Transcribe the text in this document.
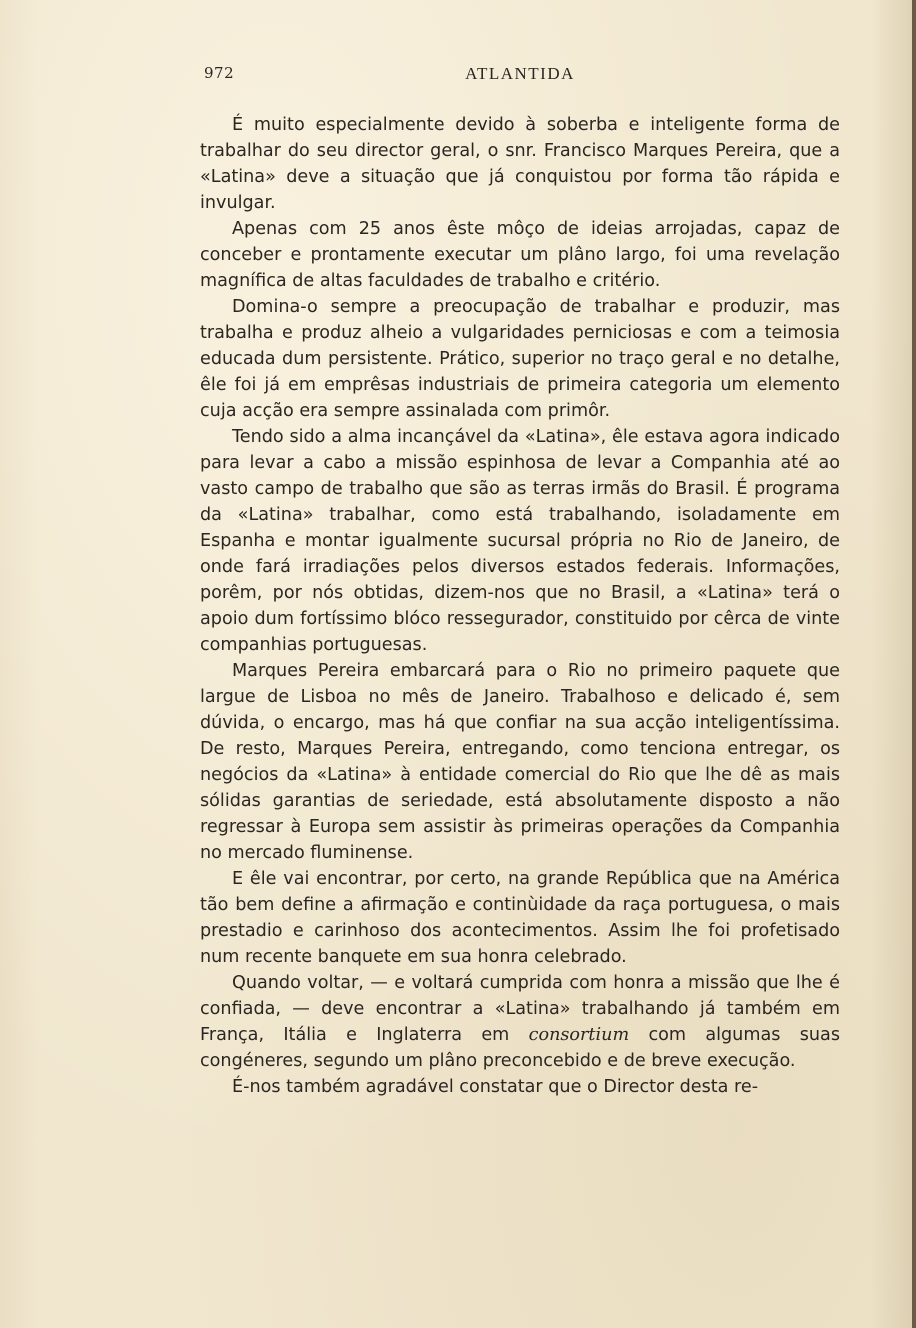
972	ATLANTIDA

É muito especialmente devido à soberba e inteligente forma de trabalhar do seu director geral, o snr. Francisco Marques Pereira, que a «Latina» deve a situação que já conquistou por forma tão rápida e invulgar.

Apenas com 25 anos êste môço de ideias arrojadas, capaz de conceber e prontamente executar um plâno largo, foi uma revelação magnífica de altas faculdades de trabalho e critério.

Domina-o sempre a preocupação de trabalhar e produzir, mas trabalha e produz alheio a vulgaridades perniciosas e com a teimosia educada dum persistente. Prático, superior no traço geral e no detalhe, êle foi já em emprêsas industriais de primeira categoria um elemento cuja acção era sempre assinalada com primôr.

Tendo sido a alma incançável da «Latina», êle estava agora indicado para levar a cabo a missão espinhosa de levar a Companhia até ao vasto campo de trabalho que são as terras irmãs do Brasil. É programa da «Latina» trabalhar, como está trabalhando, isoladamente em Espanha e montar igualmente sucursal própria no Rio de Janeiro, de onde fará irradiações pelos diversos estados federais. Informações, porêm, por nós obtidas, dizem-nos que no Brasil, a «Latina» terá o apoio dum fortíssimo blóco ressegurador, constituido por cêrca de vinte companhias portuguesas.

Marques Pereira embarcará para o Rio no primeiro paquete que largue de Lisboa no mês de Janeiro. Trabalhoso e delicado é, sem dúvida, o encargo, mas há que confiar na sua acção inteligentíssima. De resto, Marques Pereira, entregando, como tenciona entregar, os negócios da «Latina» à entidade comercial do Rio que lhe dê as mais sólidas garantias de seriedade, está absolutamente disposto a não regressar à Europa sem assistir às primeiras operações da Companhia no mercado fluminense.

E êle vai encontrar, por certo, na grande República que na América tão bem define a afirmação e continùidade da raça portuguesa, o mais prestadio e carinhoso dos acontecimentos. Assim lhe foi profetisado num recente banquete em sua honra celebrado.

Quando voltar, — e voltará cumprida com honra a missão que lhe é confiada, — deve encontrar a «Latina» trabalhando já também em França, Itália e Inglaterra em consortium com algumas suas congéneres, segundo um plâno preconcebido e de breve execução.

É-nos também agradável constatar que o Director desta re-
